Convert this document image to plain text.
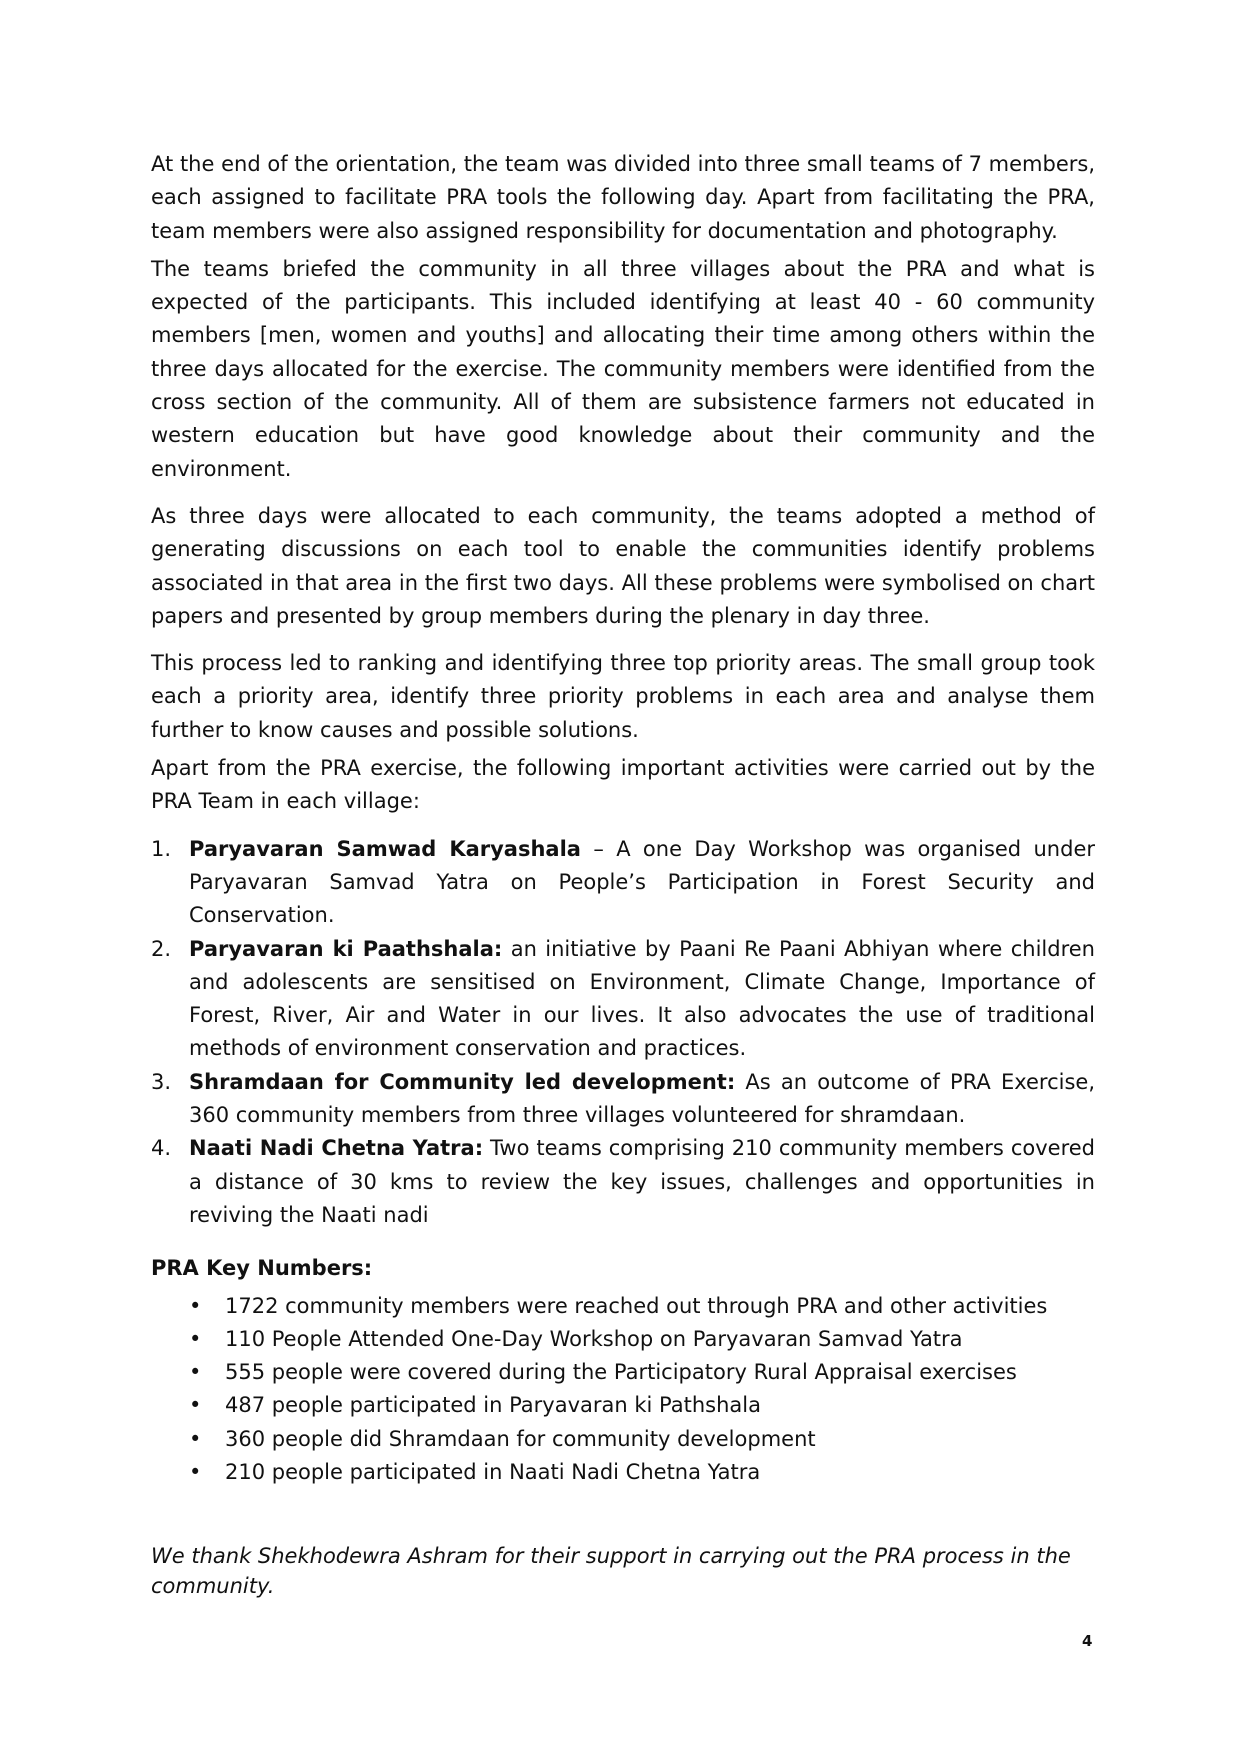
At the end of the orientation, the team was divided into three small teams of 7 members, each assigned to facilitate PRA tools the following day. Apart from facilitating the PRA, team members were also assigned responsibility for documentation and photography.

The teams briefed the community in all three villages about the PRA and what is expected of the participants. This included identifying at least 40 - 60 community members [men, women and youths] and allocating their time among others within the three days allocated for the exercise. The community members were identified from the cross section of the community. All of them are subsistence farmers not educated in western education but have good knowledge about their community and the environment.

As three days were allocated to each community, the teams adopted a method of generating discussions on each tool to enable the communities identify problems associated in that area in the first two days. All these problems were symbolised on chart papers and presented by group members during the plenary in day three.

This process led to ranking and identifying three top priority areas. The small group took each a priority area, identify three priority problems in each area and analyse them further to know causes and possible solutions.

Apart from the PRA exercise, the following important activities were carried out by the PRA Team in each village:

1. Paryavaran Samwad Karyashala – A one Day Workshop was organised under Paryavaran Samvad Yatra on People’s Participation in Forest Security and Conservation.
2. Paryavaran ki Paathshala: an initiative by Paani Re Paani Abhiyan where children and adolescents are sensitised on Environment, Climate Change, Importance of Forest, River, Air and Water in our lives. It also advocates the use of traditional methods of environment conservation and practices.
3. Shramdaan for Community led development: As an outcome of PRA Exercise, 360 community members from three villages volunteered for shramdaan.
4. Naati Nadi Chetna Yatra: Two teams comprising 210 community members covered a distance of 30 kms to review the key issues, challenges and opportunities in reviving the Naati nadi
PRA Key Numbers:
• 1722 community members were reached out through PRA and other activities
• 110 People Attended One-Day Workshop on Paryavaran Samvad Yatra
• 555 people were covered during the Participatory Rural Appraisal exercises
• 487 people participated in Paryavaran ki Pathshala
• 360 people did Shramdaan for community development
• 210 people participated in Naati Nadi Chetna Yatra

We thank Shekhodewra Ashram for their support in carrying out the PRA process in the community.

4
